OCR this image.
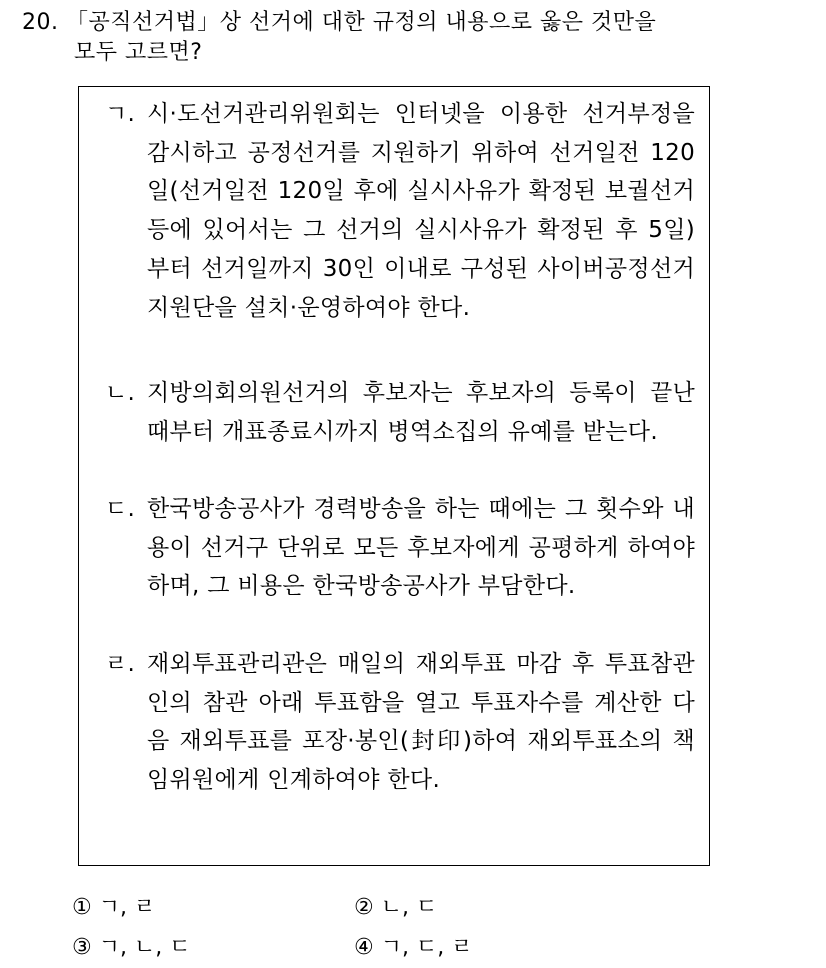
20. 「공직선거법」상 선거에 대한 규정의 내용으로 옳은 것만을
모두 고르면?
ㄱ. 시·도선거관리위원회는 인터넷을 이용한 선거부정을 감시하고 공정선거를 지원하기 위하여 선거일전 120일(선거일전 120일 후에 실시사유가 확정된 보궐선거등에 있어서는 그 선거의 실시사유가 확정된 후 5일)부터 선거일까지 30인 이내로 구성된 사이버공정선거지원단을 설치·운영하여야 한다.
ㄴ. 지방의회의원선거의 후보자는 후보자의 등록이 끝난 때부터 개표종료시까지 병역소집의 유예를 받는다.
ㄷ. 한국방송공사가 경력방송을 하는 때에는 그 횟수와 내용이 선거구 단위로 모든 후보자에게 공평하게 하여야 하며, 그 비용은 한국방송공사가 부담한다.
ㄹ. 재외투표관리관은 매일의 재외투표 마감 후 투표참관인의 참관 아래 투표함을 열고 투표자수를 계산한 다음 재외투표를 포장·봉인(封印)하여 재외투표소의 책임위원에게 인계하여야 한다.
① ㄱ, ㄹ	② ㄴ, ㄷ
③ ㄱ, ㄴ, ㄷ	④ ㄱ, ㄷ, ㄹ
